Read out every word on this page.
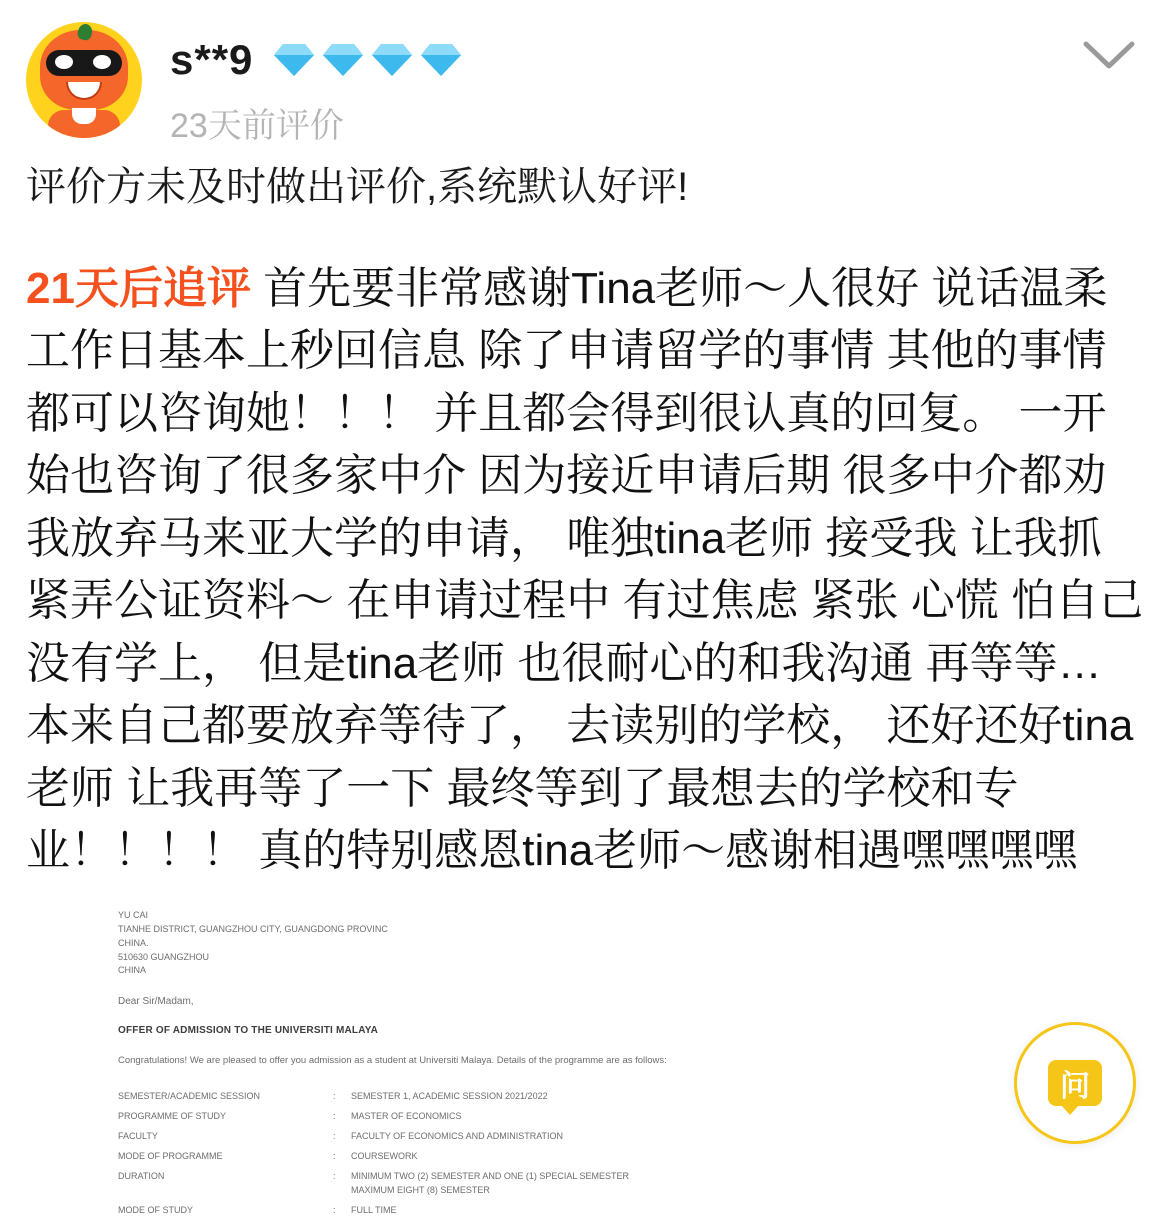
s**9
23天前评价
评价方未及时做出评价,系统默认好评!
21天后追评 首先要非常感谢Tina老师～人很好 说话温柔 工作日基本上秒回信息 除了申请留学的事情 其他的事情都可以咨询她！！！ 并且都会得到很认真的回复。 一开始也咨询了很多家中介 因为接近申请后期 很多中介都劝我放弃马来亚大学的申请， 唯独tina老师 接受我 让我抓紧弄公证资料～ 在申请过程中 有过焦虑 紧张 心慌 怕自己没有学上， 但是tina老师 也很耐心的和我沟通 再等等…本来自己都要放弃等待了， 去读别的学校， 还好还好tina老师 让我再等了一下 最终等到了最想去的学校和专业！！！！ 真的特别感恩tina老师～感谢相遇嘿嘿嘿嘿
YU CAI
TIANHE DISTRICT, GUANGZHOU CITY, GUANGDONG PROVINC
CHINA.
510630 GUANGZHOU
CHINA
Dear Sir/Madam,
OFFER OF ADMISSION TO THE UNIVERSITI MALAYA
Congratulations! We are pleased to offer you admission as a student at Universiti Malaya. Details of the programme are as follows:
SEMESTER/ACADEMIC SESSION	:	SEMESTER 1, ACADEMIC SESSION 2021/2022
PROGRAMME OF STUDY	:	MASTER OF ECONOMICS
FACULTY	:	FACULTY OF ECONOMICS AND ADMINISTRATION
MODE OF PROGRAMME	:	COURSEWORK
DURATION	:	MINIMUM TWO (2) SEMESTER AND ONE (1) SPECIAL SEMESTER
MAXIMUM EIGHT (8) SEMESTER

MODE OF STUDY	:	FULL TIME
问
